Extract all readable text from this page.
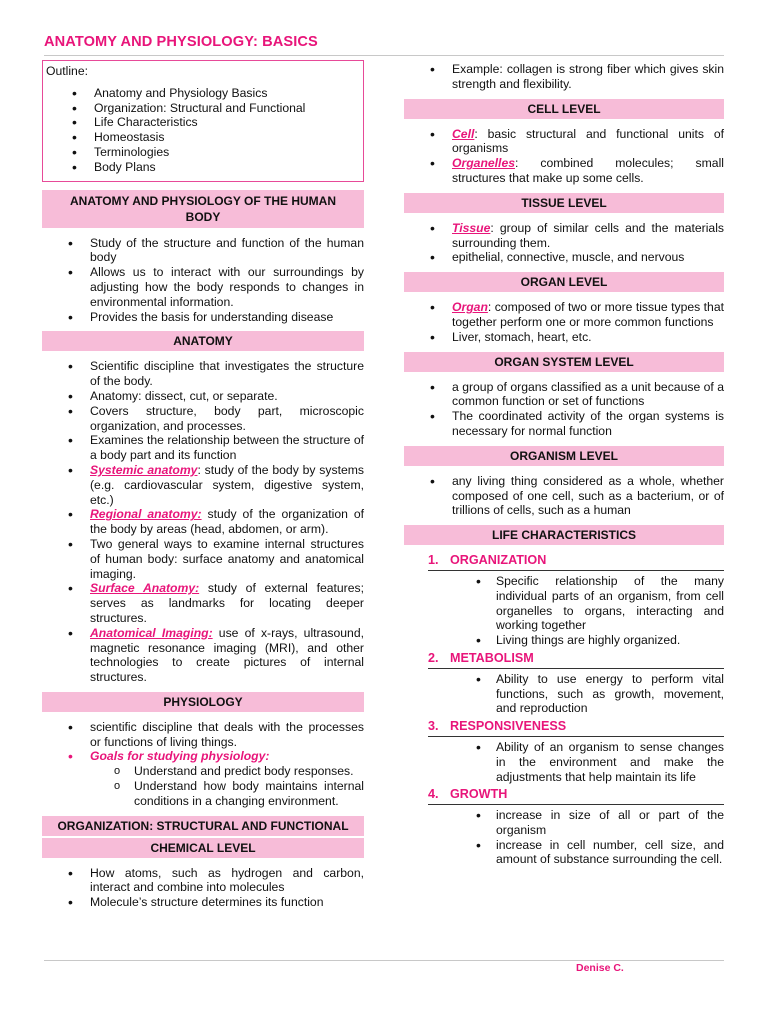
ANATOMY AND PHYSIOLOGY: BASICS
Outline:
• Anatomy and Physiology Basics
• Organization: Structural and Functional
• Life Characteristics
• Homeostasis
• Terminologies
• Body Plans
ANATOMY AND PHYSIOLOGY OF THE HUMAN BODY
• Study of the structure and function of the human body
• Allows us to interact with our surroundings by adjusting how the body responds to changes in environmental information.
• Provides the basis for understanding disease
ANATOMY
• Scientific discipline that investigates the structure of the body.
• Anatomy: dissect, cut, or separate.
• Covers structure, body part, microscopic organization, and processes.
• Examines the relationship between the structure of a body part and its function
• Systemic anatomy: study of the body by systems (e.g. cardiovascular system, digestive system, etc.)
• Regional anatomy: study of the organization of the body by areas (head, abdomen, or arm).
• Two general ways to examine internal structures of human body: surface anatomy and anatomical imaging.
• Surface Anatomy: study of external features; serves as landmarks for locating deeper structures.
• Anatomical Imaging: use of x-rays, ultrasound, magnetic resonance imaging (MRI), and other technologies to create pictures of internal structures.
PHYSIOLOGY
• scientific discipline that deals with the processes or functions of living things.
• Goals for studying physiology:
o Understand and predict body responses.
o Understand how body maintains internal conditions in a changing environment.
ORGANIZATION: STRUCTURAL AND FUNCTIONAL
CHEMICAL LEVEL
• How atoms, such as hydrogen and carbon, interact and combine into molecules
• Molecule’s structure determines its function
• Example: collagen is strong fiber which gives skin strength and flexibility.
CELL LEVEL
• Cell: basic structural and functional units of organisms
• Organelles: combined molecules; small structures that make up some cells.
TISSUE LEVEL
• Tissue: group of similar cells and the materials surrounding them.
• epithelial, connective, muscle, and nervous
ORGAN LEVEL
• Organ: composed of two or more tissue types that together perform one or more common functions
• Liver, stomach, heart, etc.
ORGAN SYSTEM LEVEL
• a group of organs classified as a unit because of a common function or set of functions
• The coordinated activity of the organ systems is necessary for normal function
ORGANISM LEVEL
• any living thing considered as a whole, whether composed of one cell, such as a bacterium, or of trillions of cells, such as a human
LIFE CHARACTERISTICS
1. ORGANIZATION
• Specific relationship of the many individual parts of an organism, from cell organelles to organs, interacting and working together
• Living things are highly organized.
2. METABOLISM
• Ability to use energy to perform vital functions, such as growth, movement, and reproduction
3. RESPONSIVENESS
• Ability of an organism to sense changes in the environment and make the adjustments that help maintain its life
4. GROWTH
• increase in size of all or part of the organism
• increase in cell number, cell size, and amount of substance surrounding the cell.
Denise C.
